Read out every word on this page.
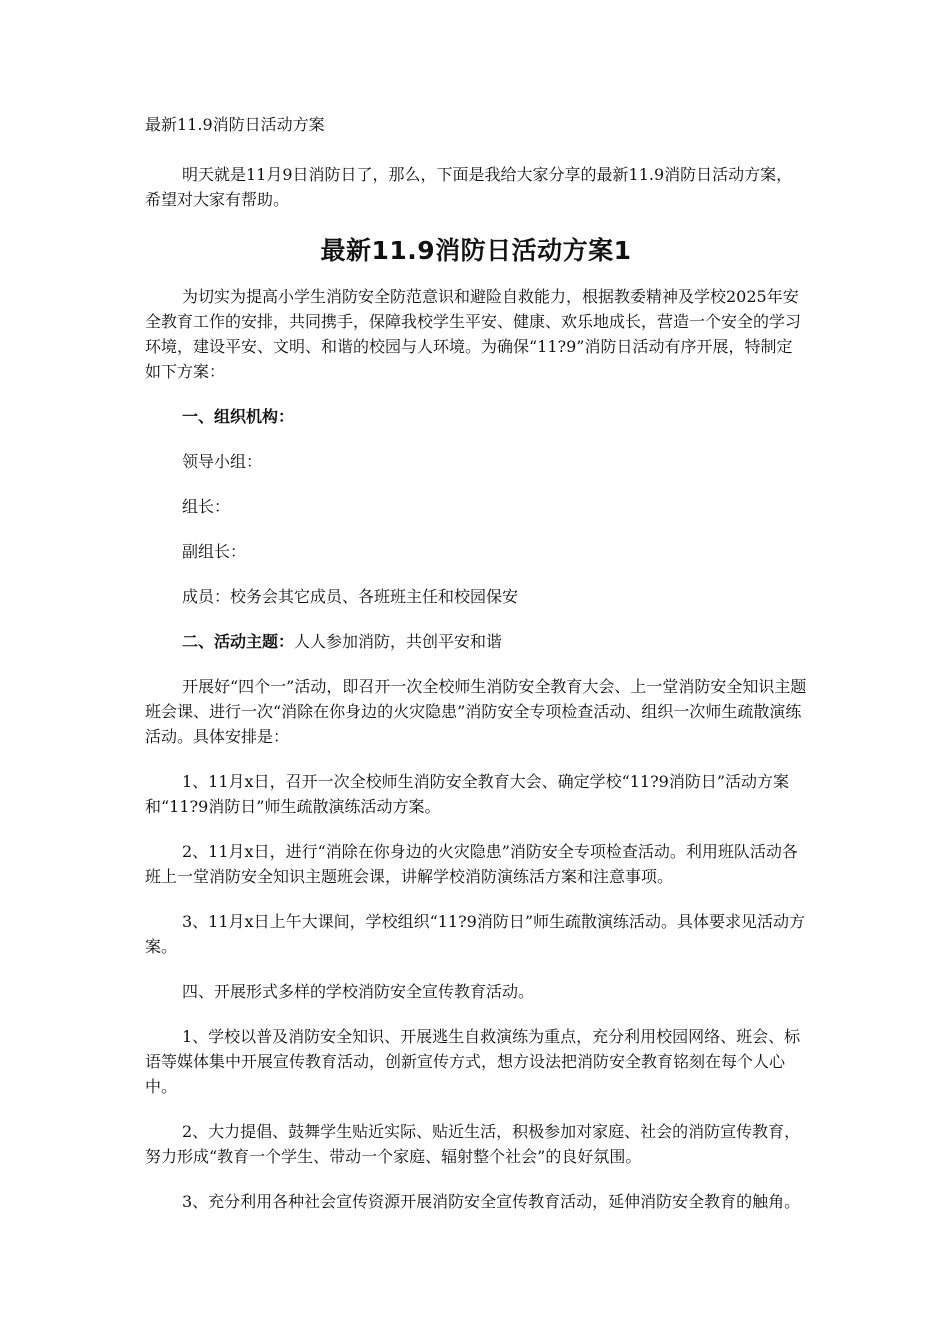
最新11.9消防日活动方案

明天就是11月9日消防日了，那么，下面是我给大家分享的最新11.9消防日活动方案，希望对大家有帮助。

最新11.9消防日活动方案1

为切实为提高小学生消防安全防范意识和避险自救能力，根据教委精神及学校2025年安全教育工作的安排，共同携手，保障我校学生平安、健康、欢乐地成长，营造一个安全的学习环境，建设平安、文明、和谐的校园与人环境。为确保“11?9”消防日活动有序开展，特制定如下方案：

一、组织机构：

领导小组：

组长：

副组长：

成员：校务会其它成员、各班班主任和校园保安

二、活动主题：人人参加消防，共创平安和谐

开展好“四个一”活动，即召开一次全校师生消防安全教育大会、上一堂消防安全知识主题班会课、进行一次“消除在你身边的火灾隐患”消防安全专项检查活动、组织一次师生疏散演练活动。具体安排是：

1、11月x日，召开一次全校师生消防安全教育大会、确定学校“11?9消防日”活动方案和“11?9消防日”师生疏散演练活动方案。

2、11月x日，进行“消除在你身边的火灾隐患”消防安全专项检查活动。利用班队活动各班上一堂消防安全知识主题班会课，讲解学校消防演练活方案和注意事项。

3、11月x日上午大课间，学校组织“11?9消防日”师生疏散演练活动。具体要求见活动方案。

四、开展形式多样的学校消防安全宣传教育活动。

1、学校以普及消防安全知识、开展逃生自救演练为重点，充分利用校园网络、班会、标语等媒体集中开展宣传教育活动，创新宣传方式，想方设法把消防安全教育铭刻在每个人心中。

2、大力提倡、鼓舞学生贴近实际、贴近生活，积极参加对家庭、社会的消防宣传教育，努力形成“教育一个学生、带动一个家庭、辐射整个社会”的良好氛围。

3、充分利用各种社会宣传资源开展消防安全宣传教育活动，延伸消防安全教育的触角。
